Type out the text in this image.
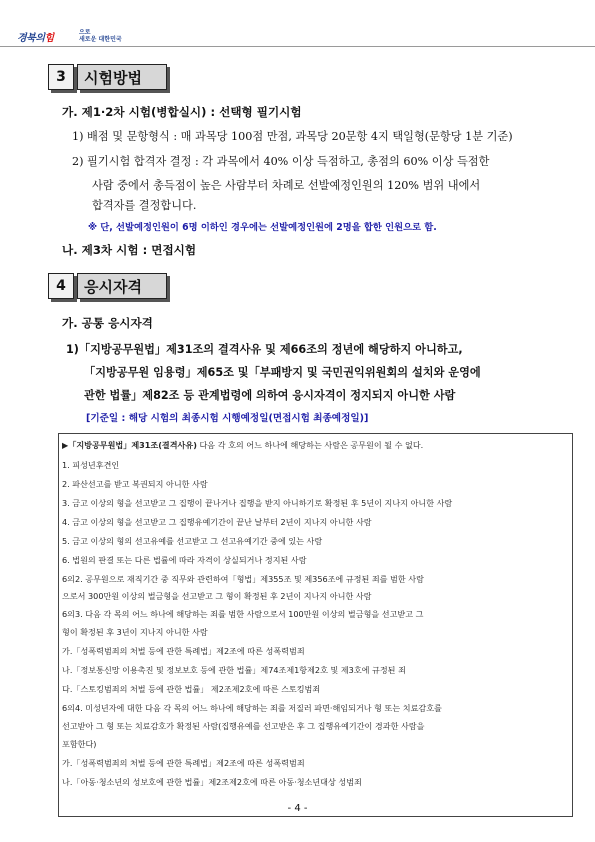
경북의힘
으로
새로운 대한민국
3	시험방법
가. 제1·2차 시험(병합실시) : 선택형 필기시험
1) 배점 및 문항형식 : 매 과목당 100점 만점, 과목당 20문항 4지 택일형(문항당 1분 기준)
2) 필기시험 합격자 결정 : 각 과목에서 40% 이상 득점하고, 총점의 60% 이상 득점한
사람 중에서 총득점이 높은 사람부터 차례로 선발예정인원의 120% 범위 내에서
합격자를 결정합니다.
※ 단, 선발예정인원이 6명 이하인 경우에는 선발예정인원에 2명을 합한 인원으로 함.
나. 제3차 시험 : 면접시험
4	응시자격
가. 공통 응시자격
1)「지방공무원법」제31조의 결격사유 및 제66조의 정년에 해당하지 아니하고,
「지방공무원 임용령」제65조 및「부패방지 및 국민권익위원회의 설치와 운영에
관한 법률」제82조 등 관계법령에 의하여 응시자격이 정지되지 아니한 사람
[기준일 : 해당 시험의 최종시험 시행예정일(면접시험 최종예정일)]
▶「지방공무원법」제31조(결격사유) 다음 각 호의 어느 하나에 해당하는 사람은 공무원이 될 수 없다.
1. 피성년후견인
2. 파산선고를 받고 복권되지 아니한 사람
3. 금고 이상의 형을 선고받고 그 집행이 끝나거나 집행을 받지 아니하기로 확정된 후 5년이 지나지 아니한 사람
4. 금고 이상의 형을 선고받고 그 집행유예기간이 끝난 날부터 2년이 지나지 아니한 사람
5. 금고 이상의 형의 선고유예를 선고받고 그 선고유예기간 중에 있는 사람
6. 법원의 판결 또는 다른 법률에 따라 자격이 상실되거나 정지된 사람
6의2. 공무원으로 재직기간 중 직무와 관련하여「형법」제355조 및 제356조에 규정된 죄를 범한 사람
으로서 300만원 이상의 벌금형을 선고받고 그 형이 확정된 후 2년이 지나지 아니한 사람
6의3. 다음 각 목의 어느 하나에 해당하는 죄를 범한 사람으로서 100만원 이상의 벌금형을 선고받고 그
형이 확정된 후 3년이 지나지 아니한 사람
가.「성폭력범죄의 처벌 등에 관한 특례법」제2조에 따른 성폭력범죄
나.「정보통신망 이용촉진 및 정보보호 등에 관한 법률」제74조제1항제2호 및 제3호에 규정된 죄
다.「스토킹범죄의 처벌 등에 관한 법률」 제2조제2호에 따른 스토킹범죄
6의4. 미성년자에 대한 다음 각 목의 어느 하나에 해당하는 죄를 저질러 파면·해임되거나 형 또는 치료감호를
선고받아 그 형 또는 치료감호가 확정된 사람(집행유예를 선고받은 후 그 집행유예기간이 경과한 사람을
포함한다)
가.「성폭력범죄의 처벌 등에 관한 특례법」제2조에 따른 성폭력범죄
나.「아동·청소년의 성보호에 관한 법률」제2조제2호에 따른 아동·청소년대상 성범죄
- 4 -
